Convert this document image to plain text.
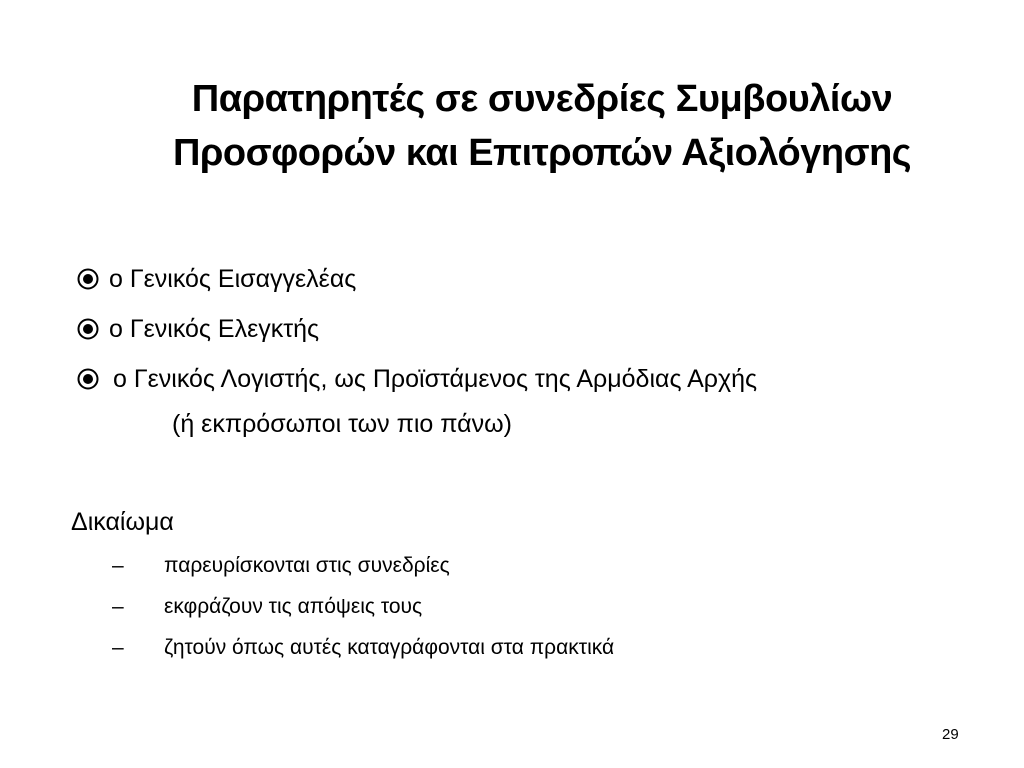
Παρατηρητές σε συνεδρίες Συμβουλίων
Προσφορών και Επιτροπών Αξιολόγησης
ο Γενικός Εισαγγελέας
ο Γενικός Ελεγκτής
ο Γενικός Λογιστής, ως Προϊστάμενος της Αρμόδιας Αρχής
(ή εκπρόσωποι των πιο πάνω)
Δικαίωμα
–	παρευρίσκονται στις συνεδρίες
–	εκφράζουν τις απόψεις τους
–	ζητούν όπως αυτές καταγράφονται στα πρακτικά
29
